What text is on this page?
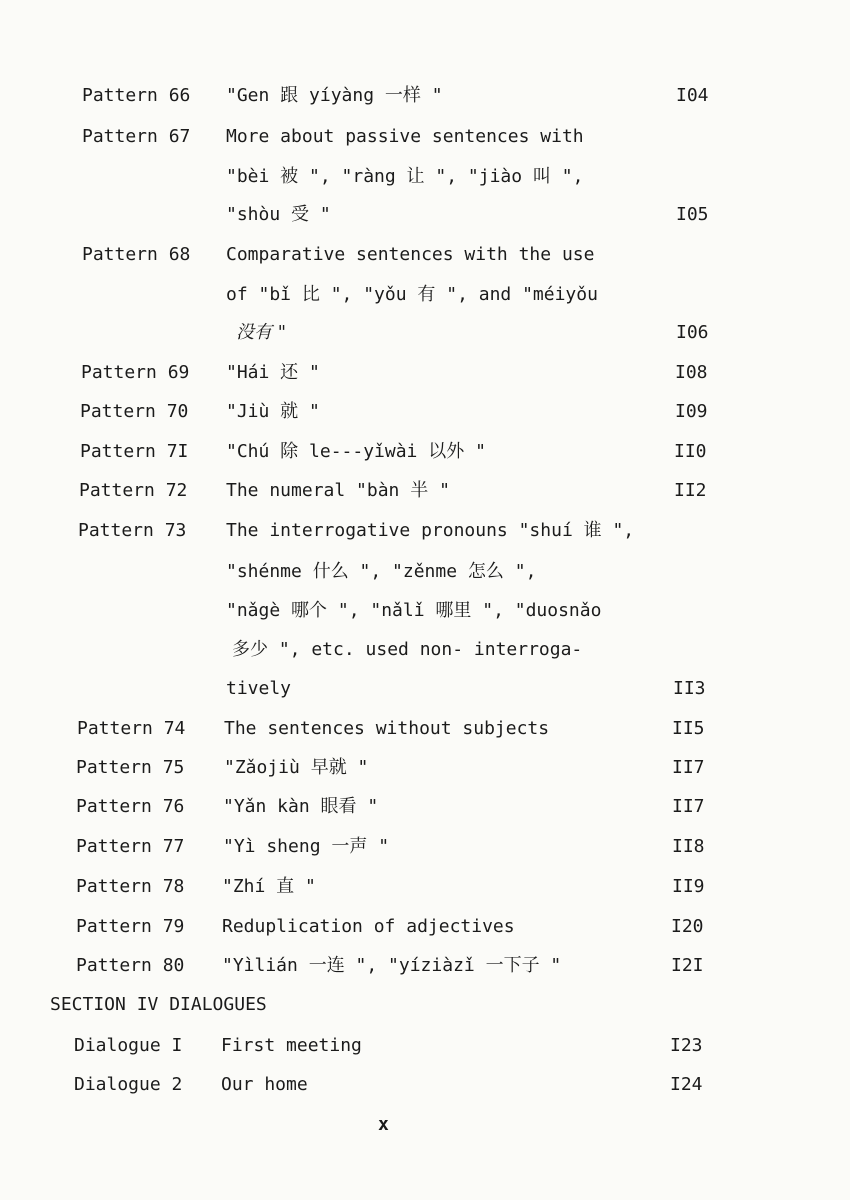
Pattern 66 "Gen 跟 yíyàng 一样 "	I04
Pattern 67 More about passive sentences with
"bèi 被 ", "ràng 让 ", "jiào 叫 ",
"shòu 受 "	I05
Pattern 68 Comparative sentences with the use
of "bǐ 比 ", "yǒu 有 ", and "méiyǒu
没有 "	I06
Pattern 69 "Hái 还 "	I08
Pattern 70 "Jiù 就 "	I09
Pattern 7I "Chú 除 le---yǐwài 以外 "	II0
Pattern 72 The numeral "bàn 半 "	II2
Pattern 73 The interrogative pronouns "shuí 谁 ",
"shénme 什么 ", "zěnme 怎么 ",
"nǎgè 哪个 ", "nǎlǐ 哪里 ", "duosnǎo
多少 ", etc. used non- interroga-
tively	II3
Pattern 74 The sentences without subjects	II5
Pattern 75 "Zǎojiù 早就 "	II7
Pattern 76 "Yǎn kàn 眼看 "	II7
Pattern 77 "Yì sheng 一声 "	II8
Pattern 78 "Zhí 直 "	II9
Pattern 79 Reduplication of adjectives	I20
Pattern 80 "Yìlián 一连 ", "yíziàzǐ 一下子 "	I2I
SECTION IV DIALOGUES
Dialogue I First meeting	I23
Dialogue 2 Our home	I24
x
